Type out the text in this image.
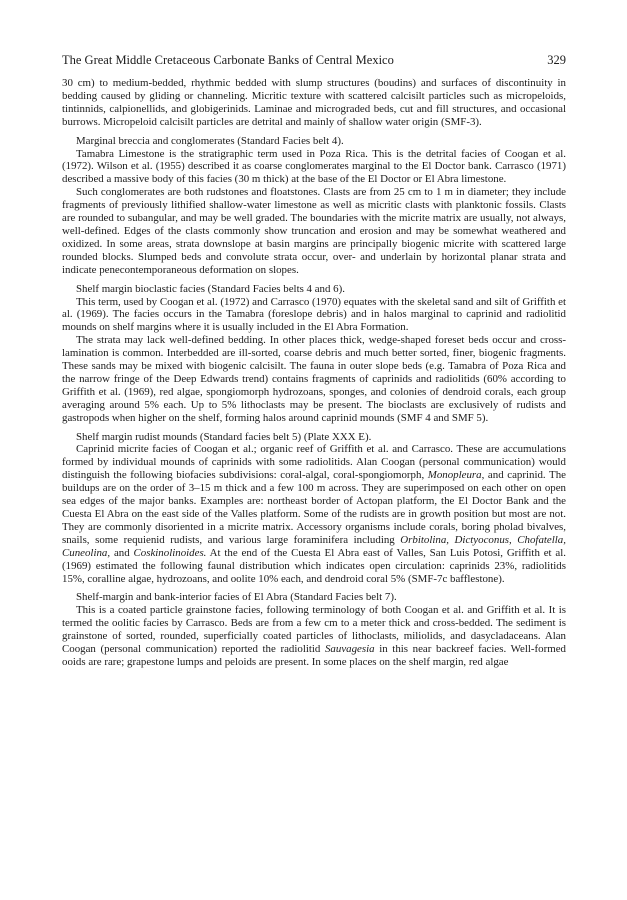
The Great Middle Cretaceous Carbonate Banks of Central Mexico	329

30 cm) to medium-bedded, rhythmic bedded with slump structures (boudins) and surfaces of discontinuity in bedding caused by gliding or channeling. Micritic texture with scattered calcisilt particles such as micropeloids, tintinnids, calpionellids, and globigerinids. Laminae and micrograded beds, cut and fill structures, and occasional burrows. Micropeloid calcisilt particles are detrital and mainly of shallow water origin (SMF-3).

Marginal breccia and conglomerates (Standard Facies belt 4).

Tamabra Limestone is the stratigraphic term used in Poza Rica. This is the detrital facies of Coogan et al. (1972). Wilson et al. (1955) described it as coarse conglomerates marginal to the El Doctor bank. Carrasco (1971) described a massive body of this facies (30 m thick) at the base of the El Doctor or El Abra limestone.

Such conglomerates are both rudstones and floatstones. Clasts are from 25 cm to 1 m in diameter; they include fragments of previously lithified shallow-water limestone as well as micritic clasts with planktonic fossils. Clasts are rounded to subangular, and may be well graded. The boundaries with the micrite matrix are usually, not always, well-defined. Edges of the clasts commonly show truncation and erosion and may be somewhat weathered and oxidized. In some areas, strata downslope at basin margins are principally biogenic micrite with scattered large rounded blocks. Slumped beds and convolute strata occur, over- and underlain by horizontal planar strata and indicate penecontemporaneous deformation on slopes.

Shelf margin bioclastic facies (Standard Facies belts 4 and 6).

This term, used by Coogan et al. (1972) and Carrasco (1970) equates with the skeletal sand and silt of Griffith et al. (1969). The facies occurs in the Tamabra (foreslope debris) and in halos marginal to caprinid and radiolitid mounds on shelf margins where it is usually included in the El Abra Formation.

The strata may lack well-defined bedding. In other places thick, wedge-shaped foreset beds occur and cross-lamination is common. Interbedded are ill-sorted, coarse debris and much better sorted, finer, biogenic fragments. These sands may be mixed with biogenic calcisilt. The fauna in outer slope beds (e.g. Tamabra of Poza Rica and the narrow fringe of the Deep Edwards trend) contains fragments of caprinids and radiolitids (60% according to Griffith et al. (1969), red algae, spongiomorph hydrozoans, sponges, and colonies of dendroid corals, each group averaging around 5% each. Up to 5% lithoclasts may be present. The bioclasts are exclusively of rudists and gastropods when higher on the shelf, forming halos around caprinid mounds (SMF 4 and SMF 5).

Shelf margin rudist mounds (Standard facies belt 5) (Plate XXX E).

Caprinid micrite facies of Coogan et al.; organic reef of Griffith et al. and Carrasco. These are accumulations formed by individual mounds of caprinids with some radiolitids. Alan Coogan (personal communication) would distinguish the following biofacies subdivisions: coral-algal, coral-spongiomorph, Monopleura, and caprinid. The buildups are on the order of 3–15 m thick and a few 100 m across. They are superimposed on each other on open sea edges of the major banks. Examples are: northeast border of Actopan platform, the El Doctor Bank and the Cuesta El Abra on the east side of the Valles platform. Some of the rudists are in growth position but most are not. They are commonly disoriented in a micrite matrix. Accessory organisms include corals, boring pholad bivalves, snails, some requienid rudists, and various large foraminifera including Orbitolina, Dictyoconus, Chofatella, Cuneolina, and Coskinolinoides. At the end of the Cuesta El Abra east of Valles, San Luis Potosi, Griffith et al. (1969) estimated the following faunal distribution which indicates open circulation: caprinids 23%, radiolitids 15%, coralline algae, hydrozoans, and oolite 10% each, and dendroid coral 5% (SMF-7c bafflestone).

Shelf-margin and bank-interior facies of El Abra (Standard Facies belt 7).

This is a coated particle grainstone facies, following terminology of both Coogan et al. and Griffith et al. It is termed the oolitic facies by Carrasco. Beds are from a few cm to a meter thick and cross-bedded. The sediment is grainstone of sorted, rounded, superficially coated particles of lithoclasts, miliolids, and dasycladaceans. Alan Coogan (personal communication) reported the radiolitid Sauvagesia in this near backreef facies. Well-formed ooids are rare; grapestone lumps and peloids are present. In some places on the shelf margin, red algae
